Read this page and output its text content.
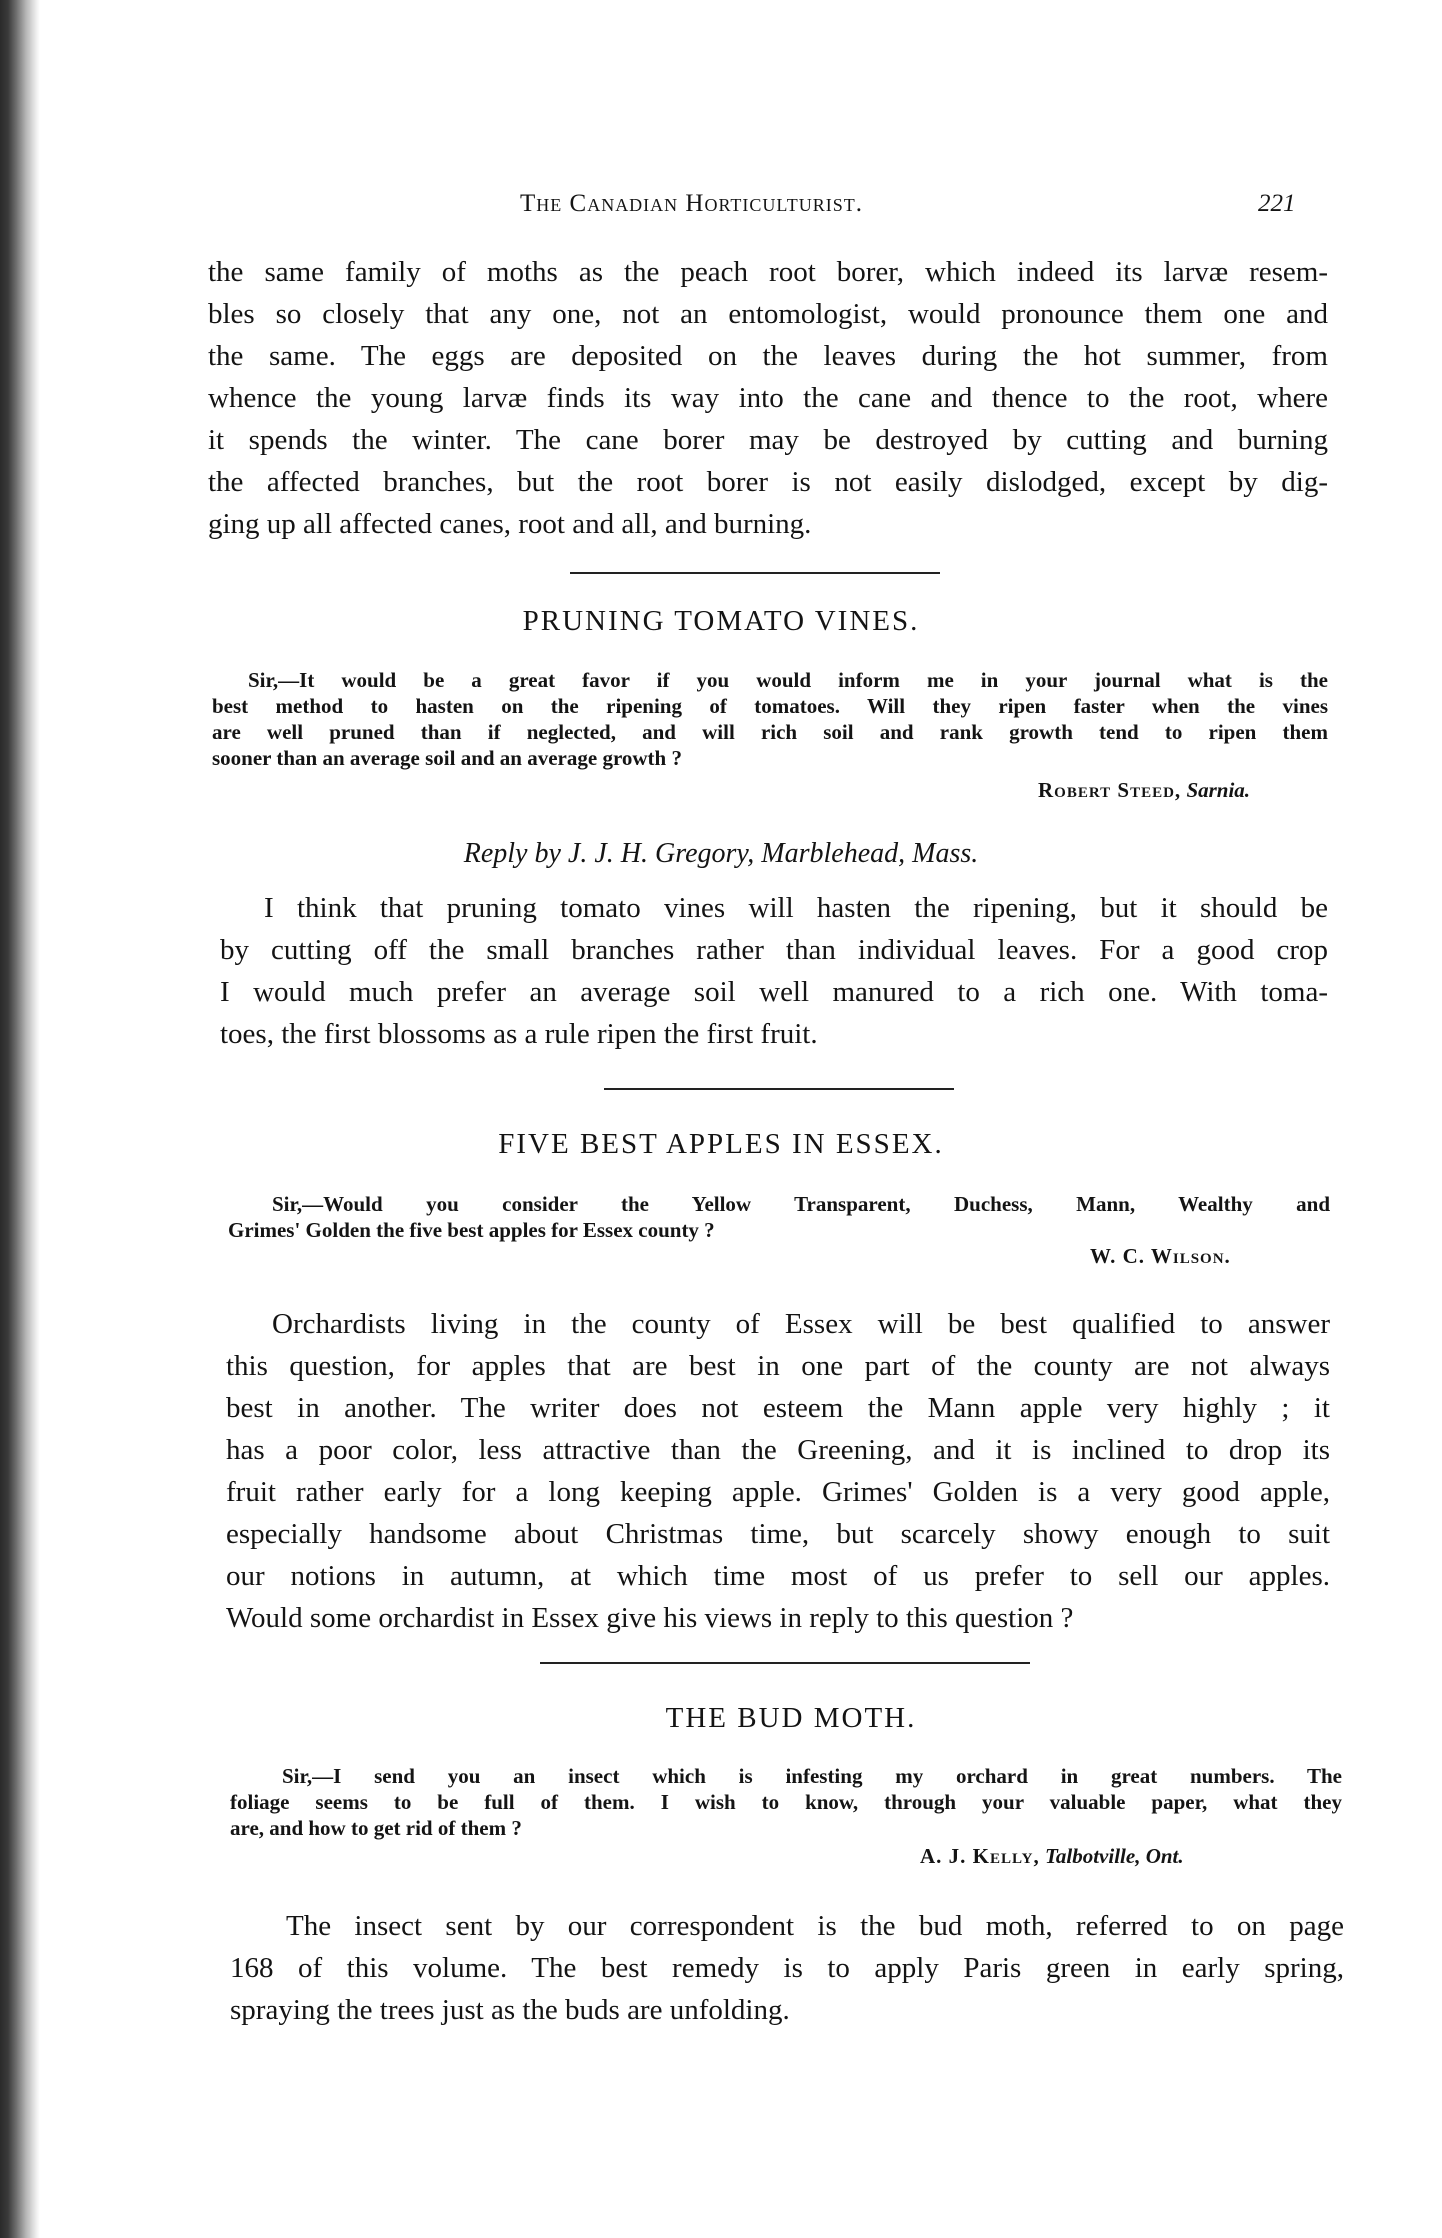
The Canadian Horticulturist.	221
the same family of moths as the peach root borer, which indeed its larvæ resem-
bles so closely that any one, not an entomologist, would pronounce them one and
the same. The eggs are deposited on the leaves during the hot summer, from
whence the young larvæ finds its way into the cane and thence to the root, where
it spends the winter. The cane borer may be destroyed by cutting and burning
the affected branches, but the root borer is not easily dislodged, except by dig-
ging up all affected canes, root and all, and burning.
PRUNING TOMATO VINES.
Sir,—It would be a great favor if you would inform me in your journal what is the
best method to hasten on the ripening of tomatoes. Will they ripen faster when the vines
are well pruned than if neglected, and will rich soil and rank growth tend to ripen them
sooner than an average soil and an average growth ?
Robert Steed, Sarnia.
Reply by J. J. H. Gregory, Marblehead, Mass.
I think that pruning tomato vines will hasten the ripening, but it should be
by cutting off the small branches rather than individual leaves. For a good crop
I would much prefer an average soil well manured to a rich one. With toma-
toes, the first blossoms as a rule ripen the first fruit.
FIVE BEST APPLES IN ESSEX.
Sir,—Would you consider the Yellow Transparent, Duchess, Mann, Wealthy and
Grimes' Golden the five best apples for Essex county ?
W. C. Wilson.
Orchardists living in the county of Essex will be best qualified to answer
this question, for apples that are best in one part of the county are not always
best in another. The writer does not esteem the Mann apple very highly ; it
has a poor color, less attractive than the Greening, and it is inclined to drop its
fruit rather early for a long keeping apple. Grimes' Golden is a very good apple,
especially handsome about Christmas time, but scarcely showy enough to suit
our notions in autumn, at which time most of us prefer to sell our apples.
Would some orchardist in Essex give his views in reply to this question ?
THE BUD MOTH.
Sir,—I send you an insect which is infesting my orchard in great numbers. The
foliage seems to be full of them. I wish to know, through your valuable paper, what they
are, and how to get rid of them ?
A. J. Kelly, Talbotville, Ont.
The insect sent by our correspondent is the bud moth, referred to on page
168 of this volume. The best remedy is to apply Paris green in early spring,
spraying the trees just as the buds are unfolding.
